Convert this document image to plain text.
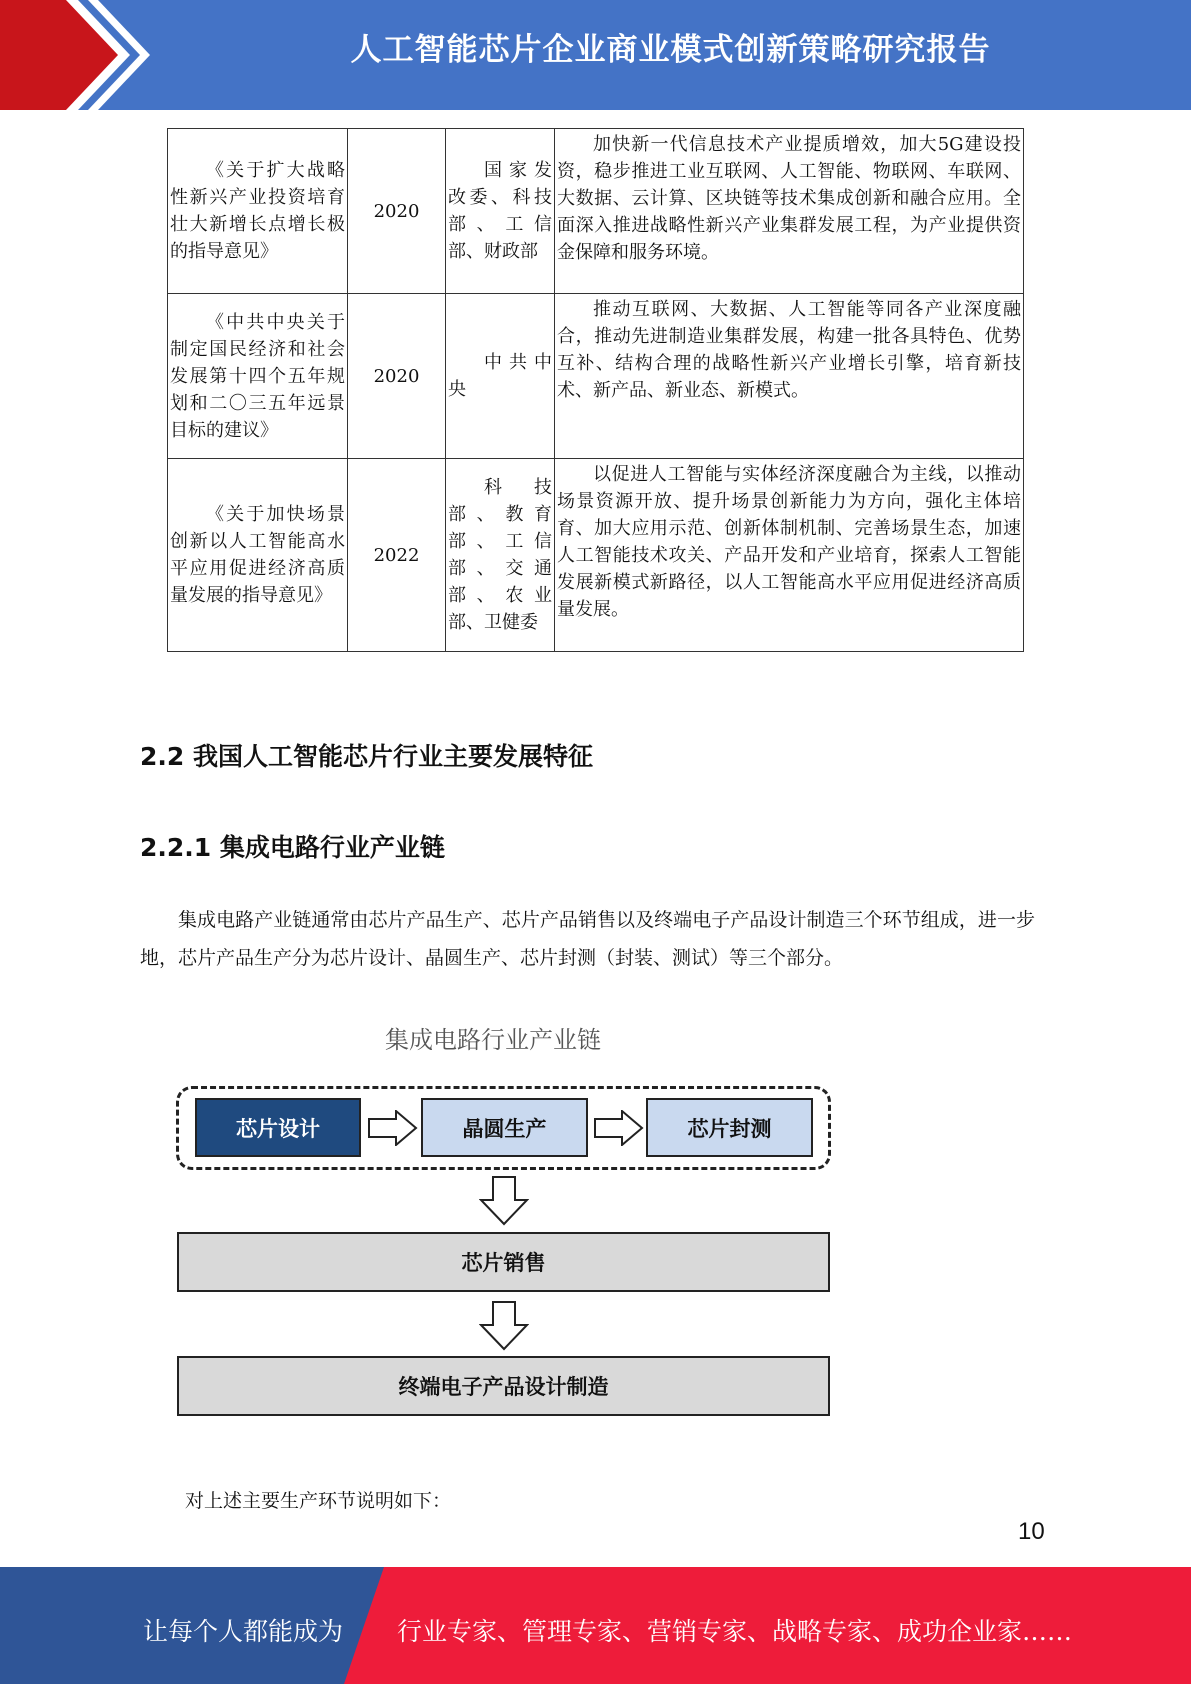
人工智能芯片企业商业模式创新策略研究报告
《关于扩大战略性新兴产业投资培育壮大新增长点增长极的指导意见》	2020	国家发改委、科技部、工信部、财政部	加快新一代信息技术产业提质增效，加大5G建设投资，稳步推进工业互联网、人工智能、物联网、车联网、大数据、云计算、区块链等技术集成创新和融合应用。全面深入推进战略性新兴产业集群发展工程，为产业提供资金保障和服务环境。
《中共中央关于制定国民经济和社会发展第十四个五年规划和二〇三五年远景目标的建议》	2020	中共中央	推动互联网、大数据、人工智能等同各产业深度融合，推动先进制造业集群发展，构建一批各具特色、优势互补、结构合理的战略性新兴产业增长引擎，培育新技术、新产品、新业态、新模式。
《关于加快场景创新以人工智能高水平应用促进经济高质量发展的指导意见》	2022	科技部、教育部、工信部、交通部、农业部、卫健委	以促进人工智能与实体经济深度融合为主线，以推动场景资源开放、提升场景创新能力为方向，强化主体培育、加大应用示范、创新体制机制、完善场景生态，加速人工智能技术攻关、产品开发和产业培育，探索人工智能发展新模式新路径，以人工智能高水平应用促进经济高质量发展。
2.2 我国人工智能芯片行业主要发展特征
2.2.1 集成电路行业产业链

集成电路产业链通常由芯片产品生产、芯片产品销售以及终端电子产品设计制造三个环节组成，进一步地，芯片产品生产分为芯片设计、晶圆生产、芯片封测（封装、测试）等三个部分。

集成电路行业产业链
芯片设计	晶圆生产	芯片封测
芯片销售
终端电子产品设计制造

对上述主要生产环节说明如下：

10
让每个人都能成为 行业专家、管理专家、营销专家、战略专家、成功企业家……
